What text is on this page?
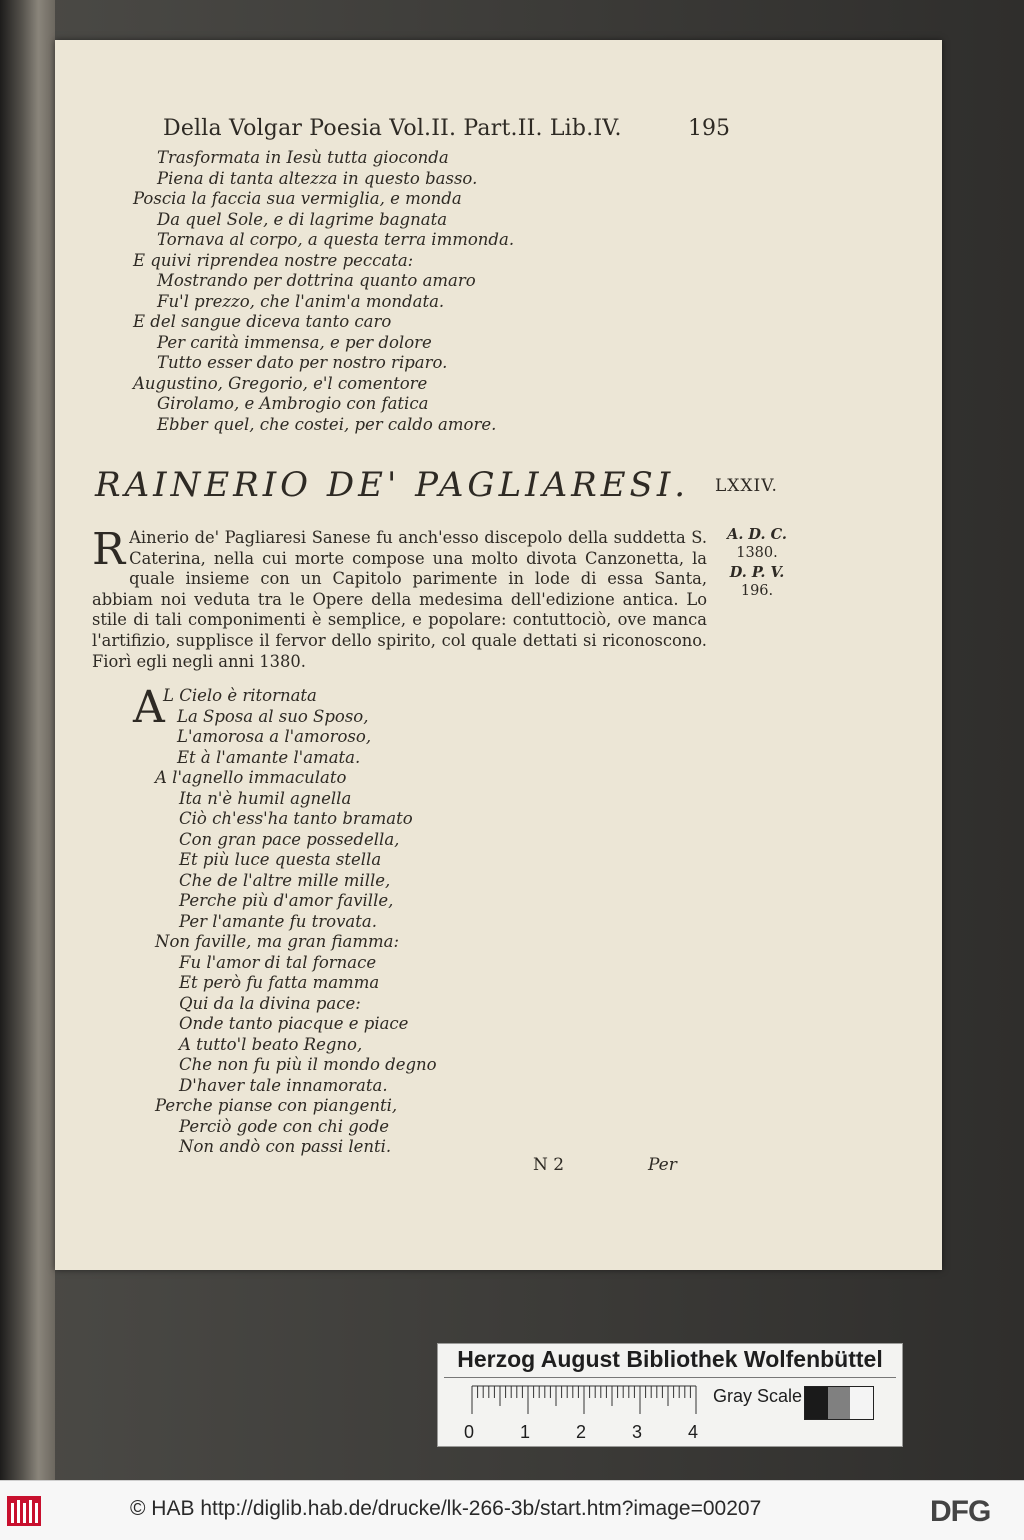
Della Volgar Poesia Vol.II. Part.II. Lib.IV.	195
Trasformata in Iesù tutta gioconda
Piena di tanta altezza in questo basso.
Poscia la faccia sua vermiglia, e monda
Da quel Sole, e di lagrime bagnata
Tornava al corpo, a questa terra immonda.
E quivi riprendea nostre peccata:
Mostrando per dottrina quanto amaro
Fu'l prezzo, che l'anim'a mondata.
E del sangue diceva tanto caro
Per carità immensa, e per dolore
Tutto esser dato per nostro riparo.
Augustino, Gregorio, e'l comentore
Girolamo, e Ambrogio con fatica
Ebber quel, che costei, per caldo amore.
RAINERIO DE' PAGLIARESI. LXXIV.
R Ainerio de' Pagliaresi Sanese fu anch'esso discepolo della suddetta S. Caterina, nella cui morte compose una molto divota Canzonetta, la quale insieme con un Capitolo parimente in lode di essa Santa, abbiam noi veduta tra le Opere della medesima dell'edizione antica. Lo stile di tali componimenti è semplice, e popolare: contuttociò, ove manca l'artifizio, supplisce il fervor dello spirito, col quale dettati si riconoscono. Fiorì egli negli anni 1380.
A. D. C.
1380.
D. P. V.
196.
A
L Cielo è ritornata
La Sposa al suo Sposo,
L'amorosa a l'amoroso,
Et à l'amante l'amata.
A l'agnello immaculato
Ita n'è humil agnella
Ciò ch'ess'ha tanto bramato
Con gran pace possedella,
Et più luce questa stella
Che de l'altre mille mille,
Perche più d'amor faville,
Per l'amante fu trovata.
Non faville, ma gran fiamma:
Fu l'amor di tal fornace
Et però fu fatta mamma
Qui da la divina pace:
Onde tanto piacque e piace
A tutto'l beato Regno,
Che non fu più il mondo degno
D'haver tale innamorata.
Perche pianse con piangenti,
Perciò gode con chi gode
Non andò con passi lenti.
N 2	Per
Herzog August Bibliothek Wolfenbüttel
0	1	2	3	4
Gray Scale
© HAB http://diglib.hab.de/drucke/lk-266-3b/start.htm?image=00207	DFG
